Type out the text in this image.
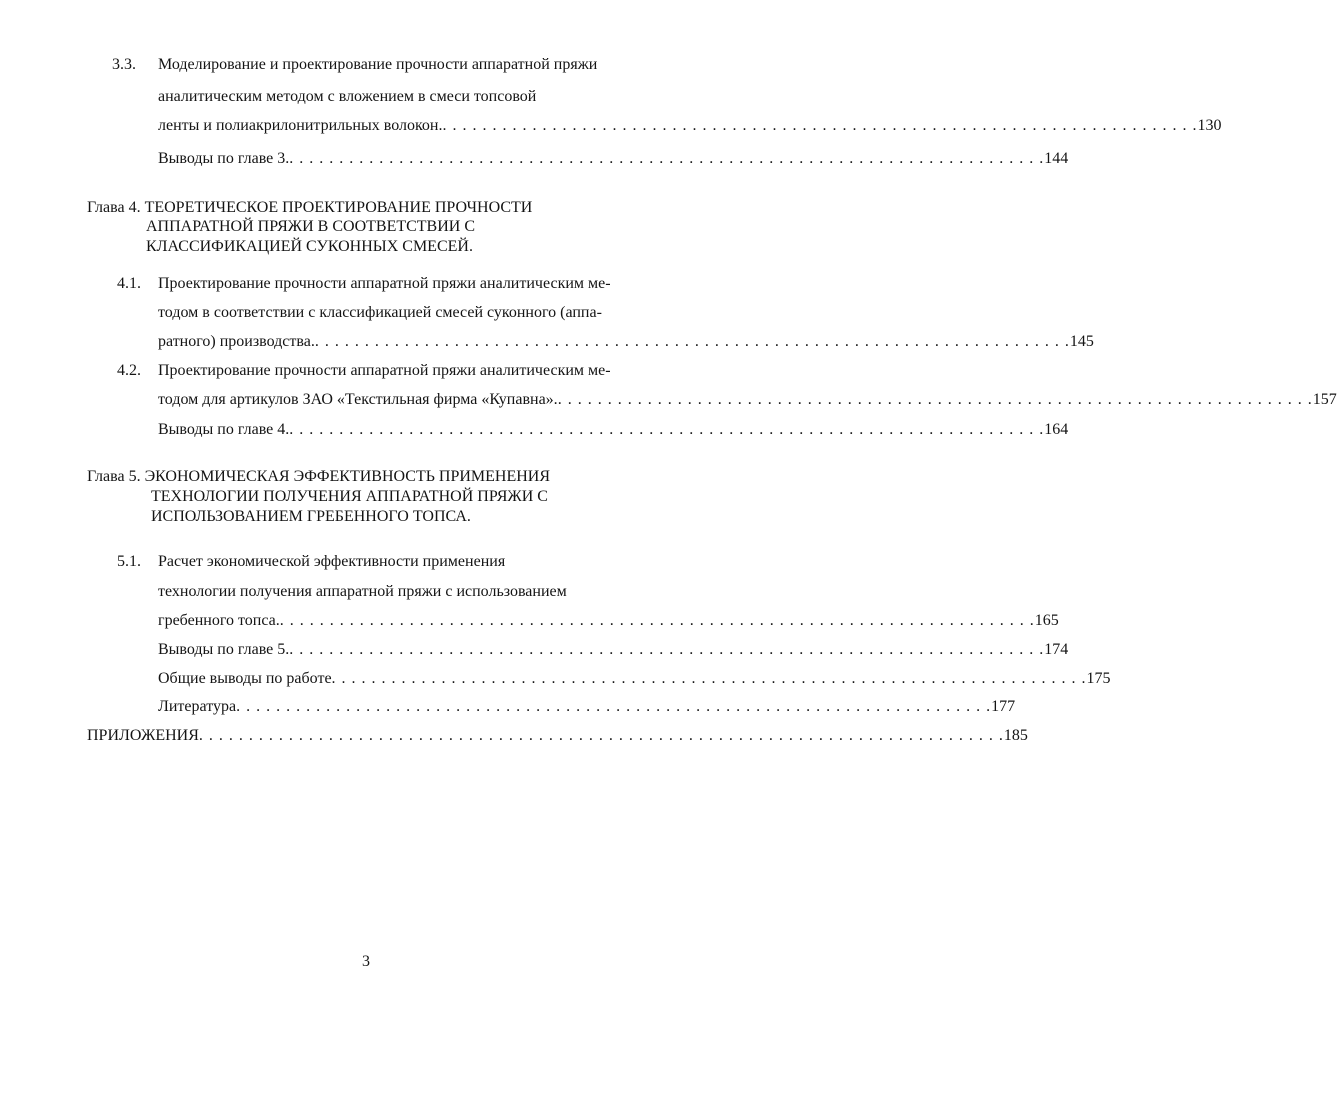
3.3. Моделирование и проектирование прочности аппаратной пряжи
аналитическим методом с вложением в смеси топсовой
ленты и полиакрилонитрильных волокон. . . . . . . . . . . . . . . . . . . . . . . . . . . . . . . . . . . . . . . . . . . . . . . . . . . . . . . . . . . . . . . . . . . . . . . . . . . . . 130
Выводы по главе 3. . . . . . . . . . . . . . . . . . . . . . . . . . . . . . . . . . . . . . . . . . . . . . . . . . . . . . . . . . . . . . . . . . . . . . . . . . . . . 144
Глава 4. ТЕОРЕТИЧЕСКОЕ ПРОЕКТИРОВАНИЕ ПРОЧНОСТИ
АППАРАТНОЙ ПРЯЖИ В СООТВЕТСТВИИ С
КЛАССИФИКАЦИЕЙ СУКОННЫХ СМЕСЕЙ.
4.1. Проектирование прочности аппаратной пряжи аналитическим ме-
тодом в соответствии с классификацией смесей суконного (аппа-
ратного) производства. . . . . . . . . . . . . . . . . . . . . . . . . . . . . . . . . . . . . . . . . . . . . . . . . . . . . . . . . . . . . . . . . . . . . . . . . . . . . 145
4.2. Проектирование прочности аппаратной пряжи аналитическим ме-
тодом для артикулов ЗАО «Текстильная фирма «Купавна». . . . . . . . . . . . . . . . . . . . . . . . . . . . . . . . . . . . . . . . . . . . . . . . . . . . . . . . . . . . . . . . . . . . . . . . . . . . . 157
Выводы по главе 4. . . . . . . . . . . . . . . . . . . . . . . . . . . . . . . . . . . . . . . . . . . . . . . . . . . . . . . . . . . . . . . . . . . . . . . . . . . . . 164
Глава 5. ЭКОНОМИЧЕСКАЯ ЭФФЕКТИВНОСТЬ ПРИМЕНЕНИЯ
ТЕХНОЛОГИИ ПОЛУЧЕНИЯ АППАРАТНОЙ ПРЯЖИ С
ИСПОЛЬЗОВАНИЕМ ГРЕБЕННОГО ТОПСА.
5.1. Расчет экономической эффективности применения
технологии получения аппаратной пряжи с использованием
гребенного топса. . . . . . . . . . . . . . . . . . . . . . . . . . . . . . . . . . . . . . . . . . . . . . . . . . . . . . . . . . . . . . . . . . . . . . . . . . . . . 165
Выводы по главе 5. . . . . . . . . . . . . . . . . . . . . . . . . . . . . . . . . . . . . . . . . . . . . . . . . . . . . . . . . . . . . . . . . . . . . . . . . . . . . 174
Общие выводы по работе . . . . . . . . . . . . . . . . . . . . . . . . . . . . . . . . . . . . . . . . . . . . . . . . . . . . . . . . . . . . . . . . . . . . . . . . . . . . 175
Литература . . . . . . . . . . . . . . . . . . . . . . . . . . . . . . . . . . . . . . . . . . . . . . . . . . . . . . . . . . . . . . . . . . . . . . . . . . . . 177
ПРИЛОЖЕНИЯ . . . . . . . . . . . . . . . . . . . . . . . . . . . . . . . . . . . . . . . . . . . . . . . . . . . . . . . . . . . . . . . . . . . . . . . . . . . . . . . . . 185
3
